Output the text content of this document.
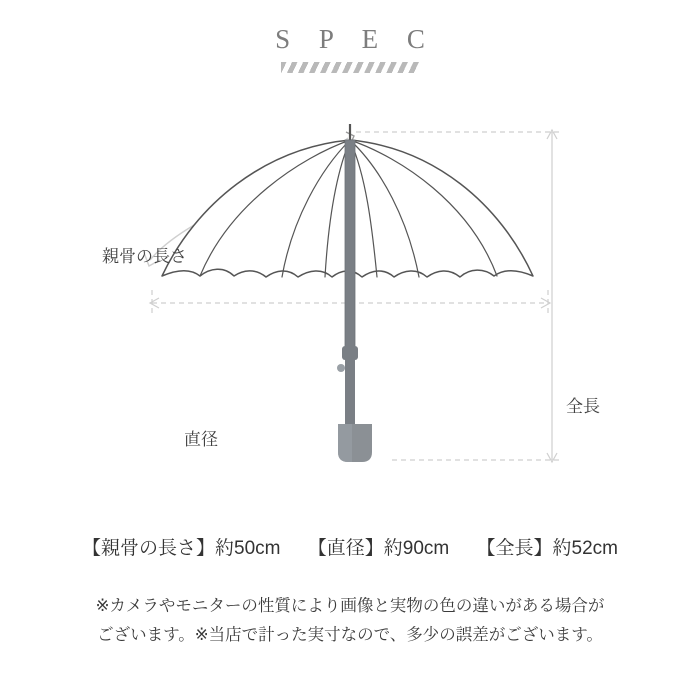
S P E C
親骨の長さ
直径
全長
【親骨の長さ】約50cm 【直径】約90cm 【全長】約52cm
※カメラやモニターの性質により画像と実物の色の違いがある場合が
ございます。※当店で計った実寸なので、多少の誤差がございます。
